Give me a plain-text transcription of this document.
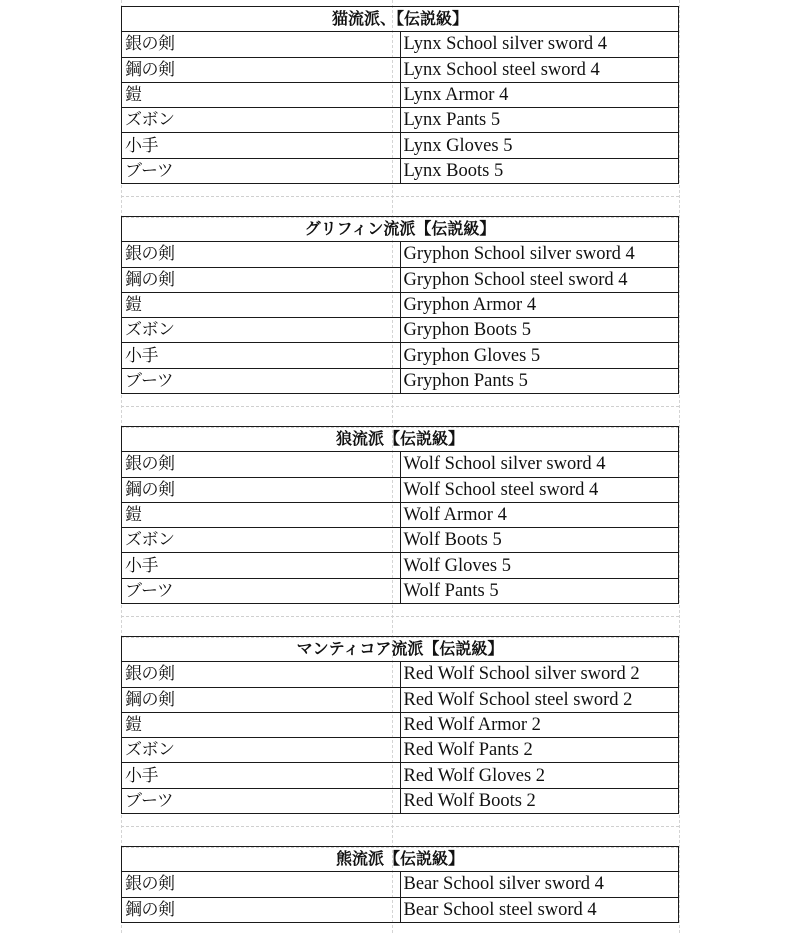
猫流派、【伝説級】	
銀の剣	Lynx School silver sword 4
鋼の剣	Lynx School steel sword 4
鎧	Lynx Armor 4
ズボン	Lynx Pants 5
小手	Lynx Gloves 5
ブーツ	Lynx Boots 5
グリフィン流派【伝説級】	
銀の剣	Gryphon School silver sword 4
鋼の剣	Gryphon School steel sword 4
鎧	Gryphon Armor 4
ズボン	Gryphon Boots 5
小手	Gryphon Gloves 5
ブーツ	Gryphon Pants 5
狼流派【伝説級】	
銀の剣	Wolf School silver sword 4
鋼の剣	Wolf School steel sword 4
鎧	Wolf Armor 4
ズボン	Wolf Boots 5
小手	Wolf Gloves 5
ブーツ	Wolf Pants 5
マンティコア流派【伝説級】	
銀の剣	Red Wolf School silver sword 2
鋼の剣	Red Wolf School steel sword 2
鎧	Red Wolf Armor 2
ズボン	Red Wolf Pants 2
小手	Red Wolf Gloves 2
ブーツ	Red Wolf Boots 2
熊流派【伝説級】	
銀の剣	Bear School silver sword 4
鋼の剣	Bear School steel sword 4
